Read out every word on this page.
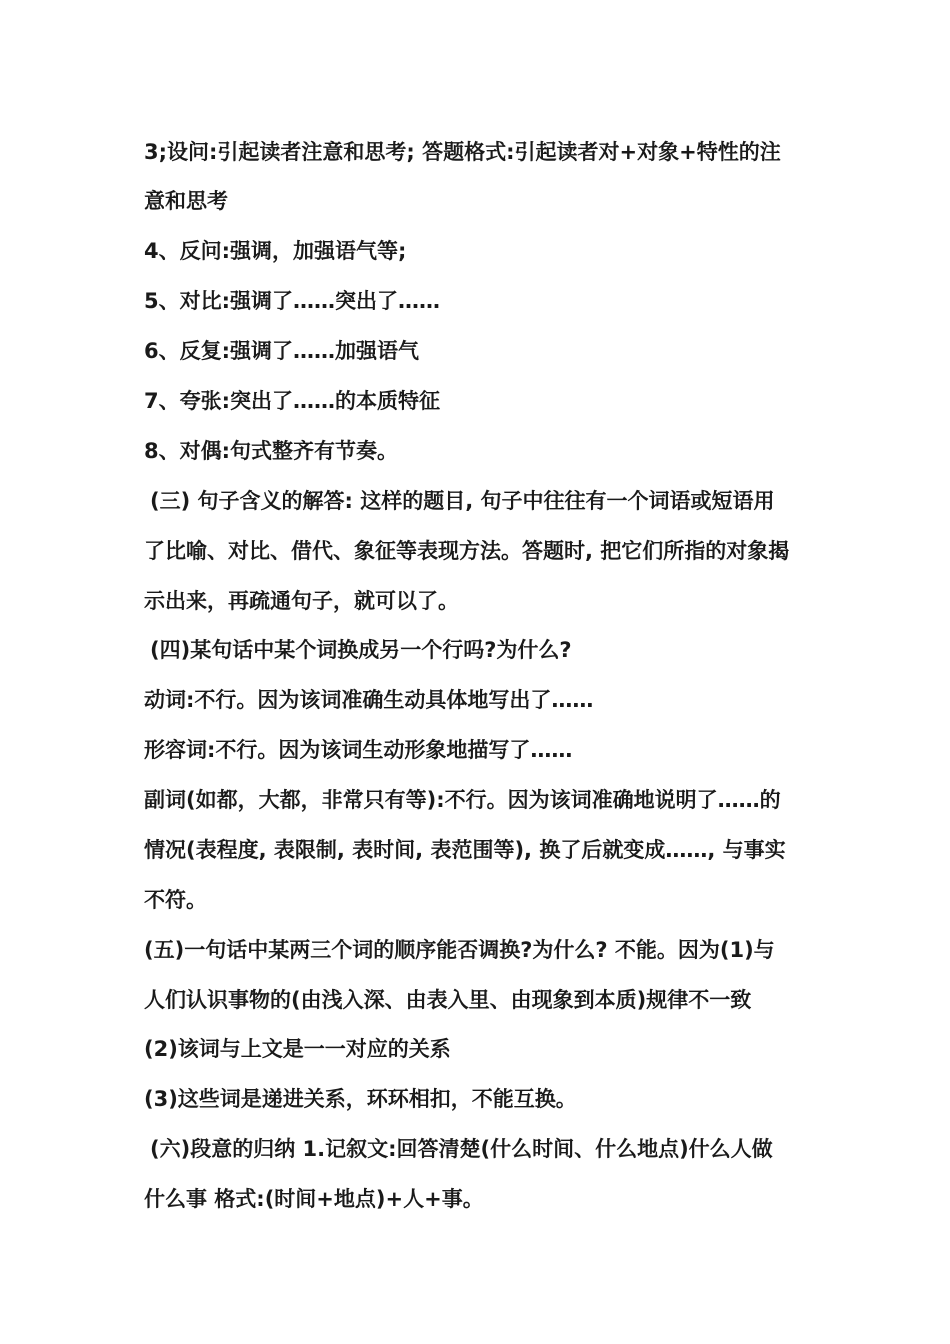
3;设问:引起读者注意和思考; 答题格式:引起读者对+对象+特性的注

意和思考

4、反问:强调，加强语气等;

5、对比:强调了……突出了……

6、反复:强调了……加强语气

7、夸张:突出了……的本质特征

8、对偶:句式整齐有节奏。

(三) 句子含义的解答: 这样的题目, 句子中往往有一个词语或短语用

了比喻、对比、借代、象征等表现方法。答题时, 把它们所指的对象揭

示出来，再疏通句子，就可以了。

(四)某句话中某个词换成另一个行吗?为什么?

动词:不行。因为该词准确生动具体地写出了……

形容词:不行。因为该词生动形象地描写了……

副词(如都，大都，非常只有等):不行。因为该词准确地说明了……的

情况(表程度, 表限制, 表时间, 表范围等), 换了后就变成……, 与事实

不符。

(五)一句话中某两三个词的顺序能否调换?为什么? 不能。因为(1)与

人们认识事物的(由浅入深、由表入里、由现象到本质)规律不一致

(2)该词与上文是一一对应的关系

(3)这些词是递进关系，环环相扣，不能互换。

(六)段意的归纳 1.记叙文:回答清楚(什么时间、什么地点)什么人做

什么事 格式:(时间+地点)+人+事。
